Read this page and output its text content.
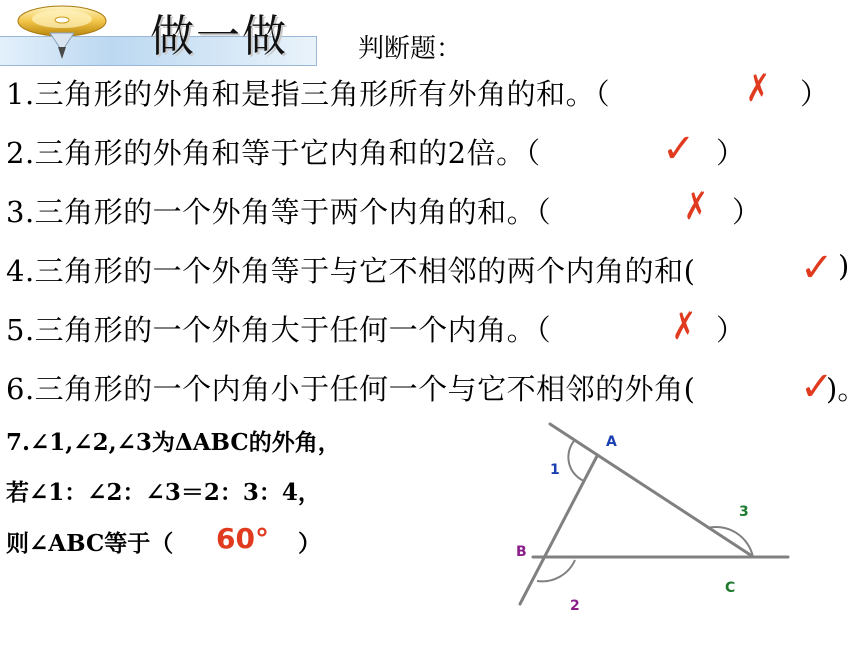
做一做	判断题：
1.三角形的外角和是指三角形所有外角的和。（	✗ ）
2.三角形的外角和等于它内角和的2倍。（	✓ ）
3.三角形的一个外角等于两个内角的和。（	✗ ）
4.三角形的一个外角等于与它不相邻的两个内角的和(	✓ )
5.三角形的一个外角大于任何一个内角。（	✗ ）
6.三角形的一个内角小于任何一个与它不相邻的外角(	✓
)。
7.∠1,∠2,∠3为ΔABC的外角，
若∠1：∠2：∠3＝2：3：4，
则∠ABC等于（ 60° ）
A
B
C
1
2
3
